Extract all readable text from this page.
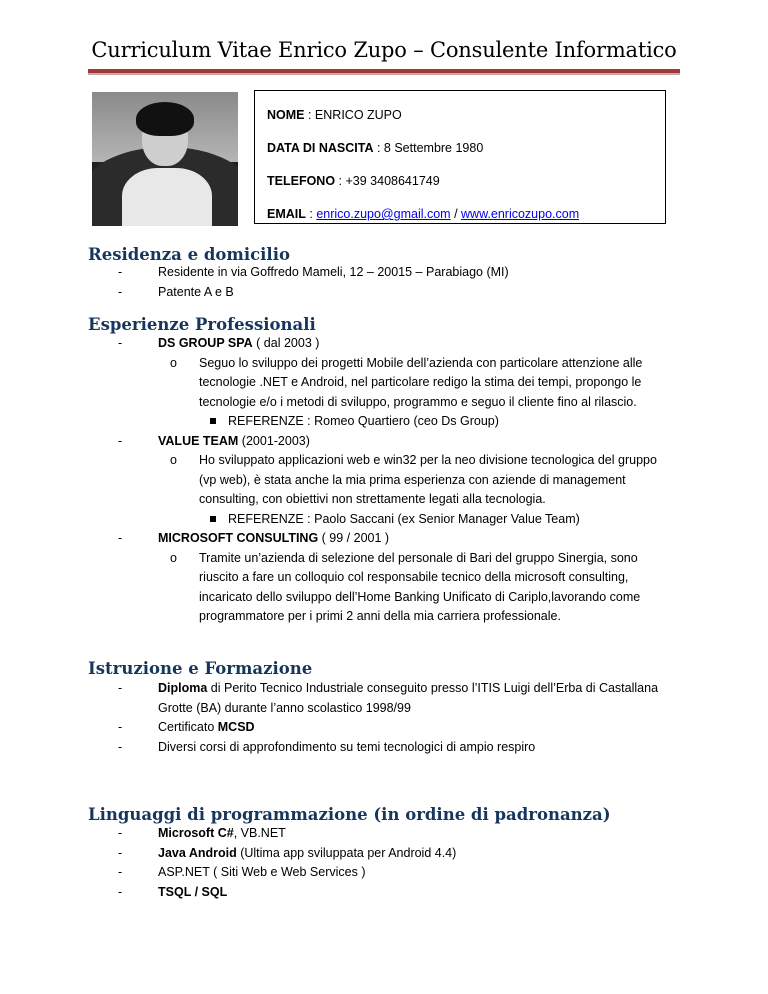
Curriculum Vitae Enrico Zupo – Consulente Informatico
NOME : ENRICO ZUPO
DATA DI NASCITA : 8 Settembre 1980
TELEFONO : +39 3408641749
EMAIL : enrico.zupo@gmail.com / www.enricozupo.com
Residenza e domicilio
-	Residente in via Goffredo Mameli, 12 – 20015 – Parabiago (MI)
-	Patente A e B
Esperienze Professionali
-	DS GROUP SPA ( dal 2003 )
o Seguo lo sviluppo dei progetti Mobile dell’azienda con particolare attenzione alle
tecnologie .NET e Android, nel particolare redigo la stima dei tempi, propongo le
tecnologie e/o i metodi di sviluppo, programmo e seguo il cliente fino al rilascio.
REFERENZE : Romeo Quartiero (ceo Ds Group)
-	VALUE TEAM (2001-2003)
o Ho sviluppato applicazioni web e win32 per la neo divisione tecnologica del gruppo
(vp web), è stata anche la mia prima esperienza con aziende di management
consulting, con obiettivi non strettamente legati alla tecnologia.
REFERENZE : Paolo Saccani (ex Senior Manager Value Team)
-	MICROSOFT CONSULTING ( 99 / 2001 )
o Tramite un’azienda di selezione del personale di Bari del gruppo Sinergia, sono
riuscito a fare un colloquio col responsabile tecnico della microsoft consulting,
incaricato dello sviluppo dell’Home Banking Unificato di Cariplo,lavorando come
programmatore per i primi 2 anni della mia carriera professionale.
Istruzione e Formazione
-	Diploma di Perito Tecnico Industriale conseguito presso l’ITIS Luigi dell’Erba di Castallana
Grotte (BA) durante l’anno scolastico 1998/99
-	Certificato MCSD
-	Diversi corsi di approfondimento su temi tecnologici di ampio respiro
Linguaggi di programmazione (in ordine di padronanza)
-	Microsoft C#, VB.NET
-	Java Android (Ultima app sviluppata per Android 4.4)
-	ASP.NET ( Siti Web e Web Services )
-	TSQL / SQL
